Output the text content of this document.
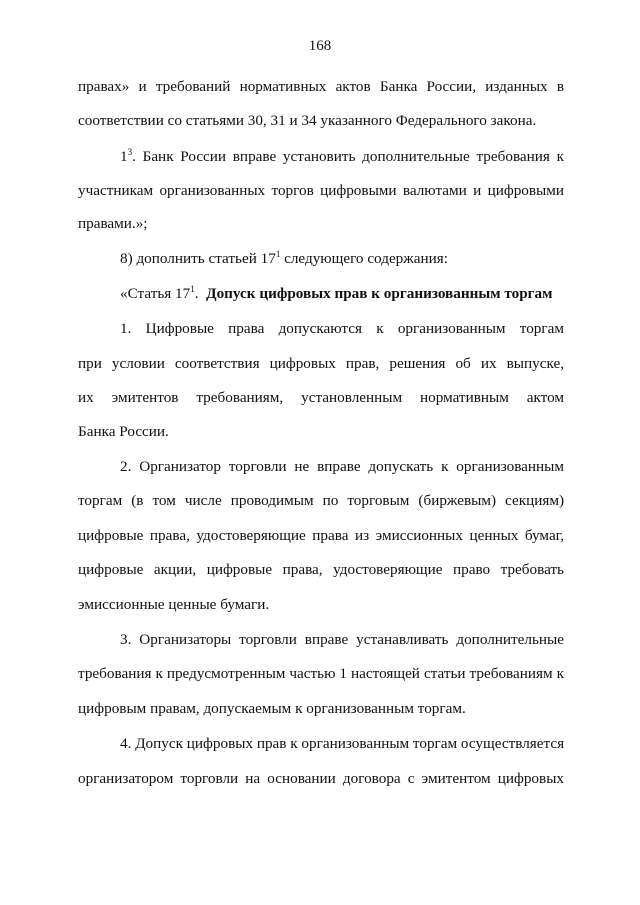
168
правах» и требований нормативных актов Банка России, изданных в
соответствии со статьями 30, 31 и 34 указанного Федерального закона.
$1^3$. Банк России вправе установить дополнительные требования к
участникам организованных торгов цифровыми валютами и цифровыми
правами.»;
8) дополнить статьей $17^1$ следующего содержания:
«Статья $17^1$. Допуск цифровых прав к организованным торгам
1. Цифровые права допускаются к организованным торгам
при условии соответствия цифровых прав, решения об их выпуске,
их эмитентов требованиям, установленным нормативным актом
Банка России.
2. Организатор торговли не вправе допускать к организованным
торгам (в том числе проводимым по торговым (биржевым) секциям)
цифровые права, удостоверяющие права из эмиссионных ценных бумаг,
цифровые акции, цифровые права, удостоверяющие право требовать
эмиссионные ценные бумаги.
3. Организаторы торговли вправе устанавливать дополнительные
требования к предусмотренным частью 1 настоящей статьи требованиям к
цифровым правам, допускаемым к организованным торгам.
4. Допуск цифровых прав к организованным торгам осуществляется
организатором торговли на основании договора с эмитентом цифровых
